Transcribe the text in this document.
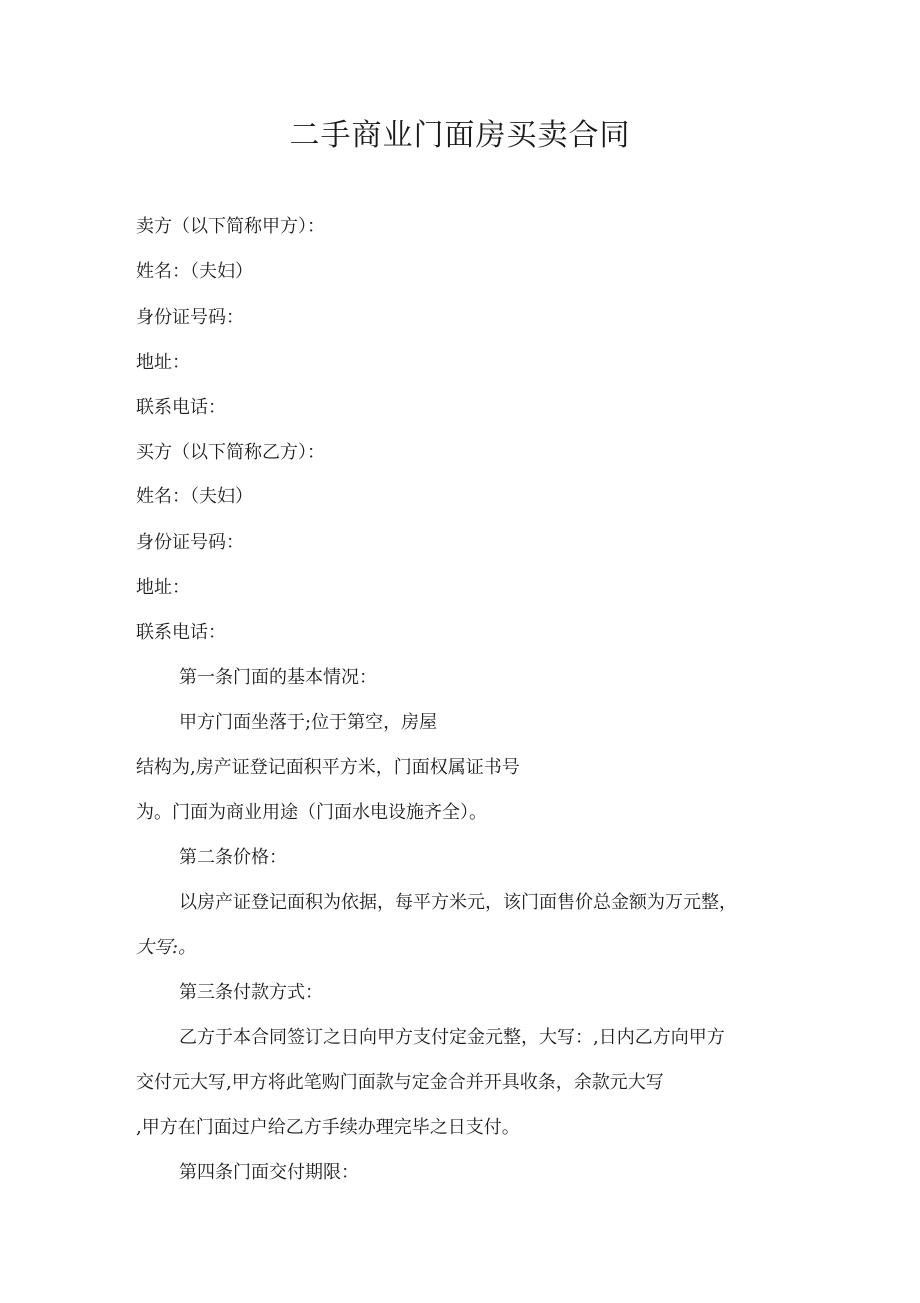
二手商业门面房买卖合同

卖方（以下简称甲方）：

姓名：（夫妇）

身份证号码：

地址：

联系电话：

买方（以下简称乙方）：

姓名：（夫妇）

身份证号码：

地址：

联系电话：

第一条门面的基本情况：

甲方门面坐落于;位于第空，房屋

结构为,房产证登记面积平方米，门面权属证书号

为。门面为商业用途（门面水电设施齐全）。

第二条价格：

以房产证登记面积为依据，每平方米元，该门面售价总金额为万元整，

大写:。

第三条付款方式：

乙方于本合同签订之日向甲方支付定金元整，大写：,日内乙方向甲方

交付元大写,甲方将此笔购门面款与定金合并开具收条，余款元大写

,甲方在门面过户给乙方手续办理完毕之日支付。

第四条门面交付期限：
